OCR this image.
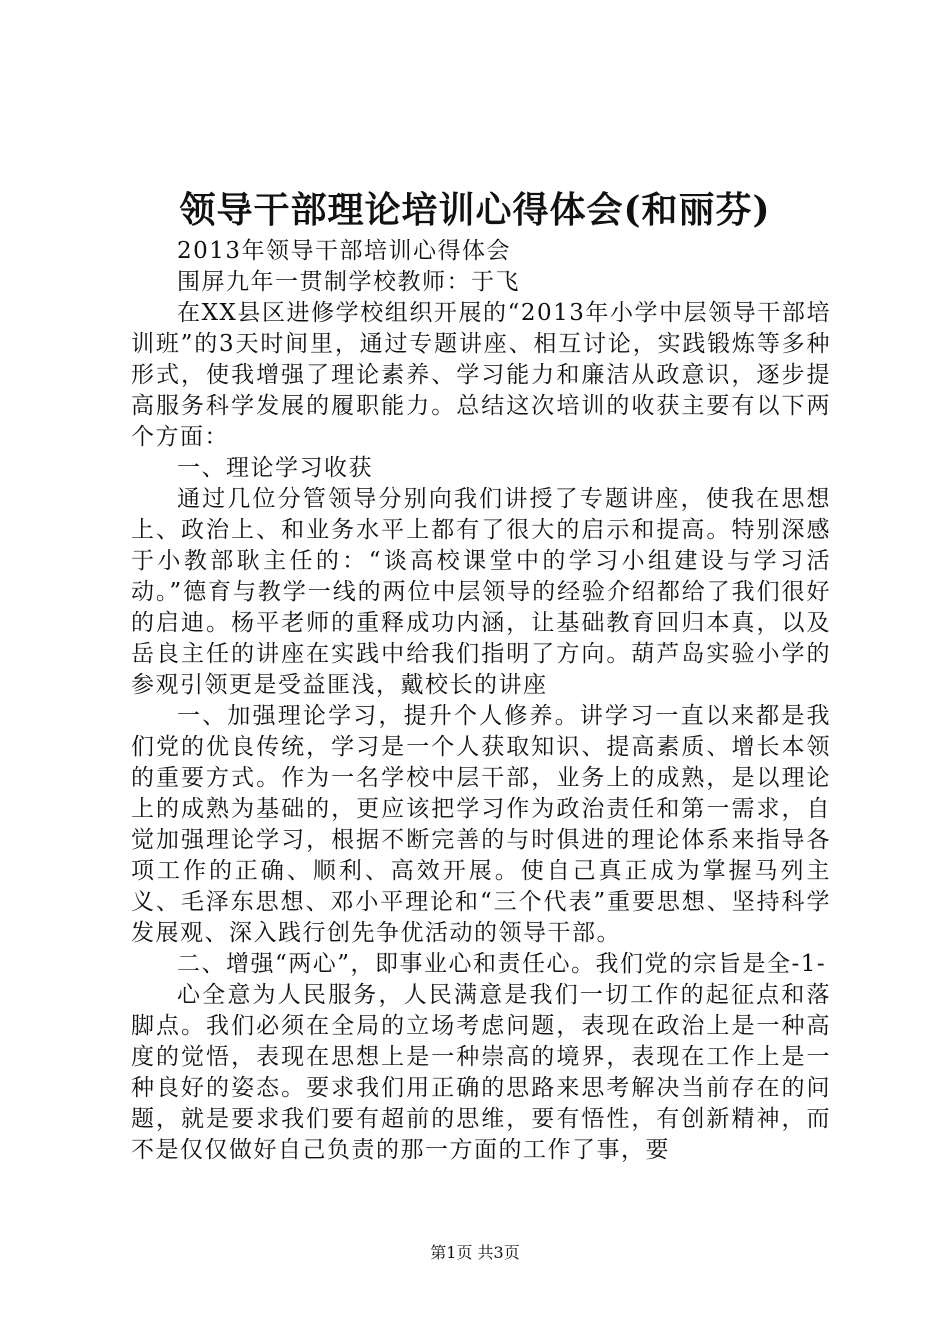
领导干部理论培训心得体会(和丽芬)

2013年领导干部培训心得体会

围屏九年一贯制学校教师：于飞

在XX县区进修学校组织开展的“2013年小学中层领导干部培训班”的3天时间里，通过专题讲座、相互讨论，实践锻炼等多种形式，使我增强了理论素养、学习能力和廉洁从政意识，逐步提高服务科学发展的履职能力。总结这次培训的收获主要有以下两个方面：

一、理论学习收获

通过几位分管领导分别向我们讲授了专题讲座，使我在思想上、政治上、和业务水平上都有了很大的启示和提高。特别深感于小教部耿主任的：“谈高校课堂中的学习小组建设与学习活动。”德育与教学一线的两位中层领导的经验介绍都给了我们很好的启迪。杨平老师的重释成功内涵，让基础教育回归本真，以及岳良主任的讲座在实践中给我们指明了方向。葫芦岛实验小学的参观引领更是受益匪浅，戴校长的讲座

一、加强理论学习，提升个人修养。讲学习一直以来都是我们党的优良传统，学习是一个人获取知识、提高素质、增长本领的重要方式。作为一名学校中层干部，业务上的成熟，是以理论上的成熟为基础的，更应该把学习作为政治责任和第一需求，自觉加强理论学习，根据不断完善的与时俱进的理论体系来指导各项工作的正确、顺利、高效开展。使自己真正成为掌握马列主义、毛泽东思想、邓小平理论和“三个代表”重要思想、坚持科学发展观、深入践行创先争优活动的领导干部。

二、增强“两心”，即事业心和责任心。我们党的宗旨是全-1-

心全意为人民服务，人民满意是我们一切工作的起征点和落脚点。我们必须在全局的立场考虑问题，表现在政治上是一种高度的觉悟，表现在思想上是一种崇高的境界，表现在工作上是一种良好的姿态。要求我们用正确的思路来思考解决当前存在的问题，就是要求我们要有超前的思维，要有悟性，有创新精神，而不是仅仅做好自己负责的那一方面的工作了事，要

第1页 共3页
